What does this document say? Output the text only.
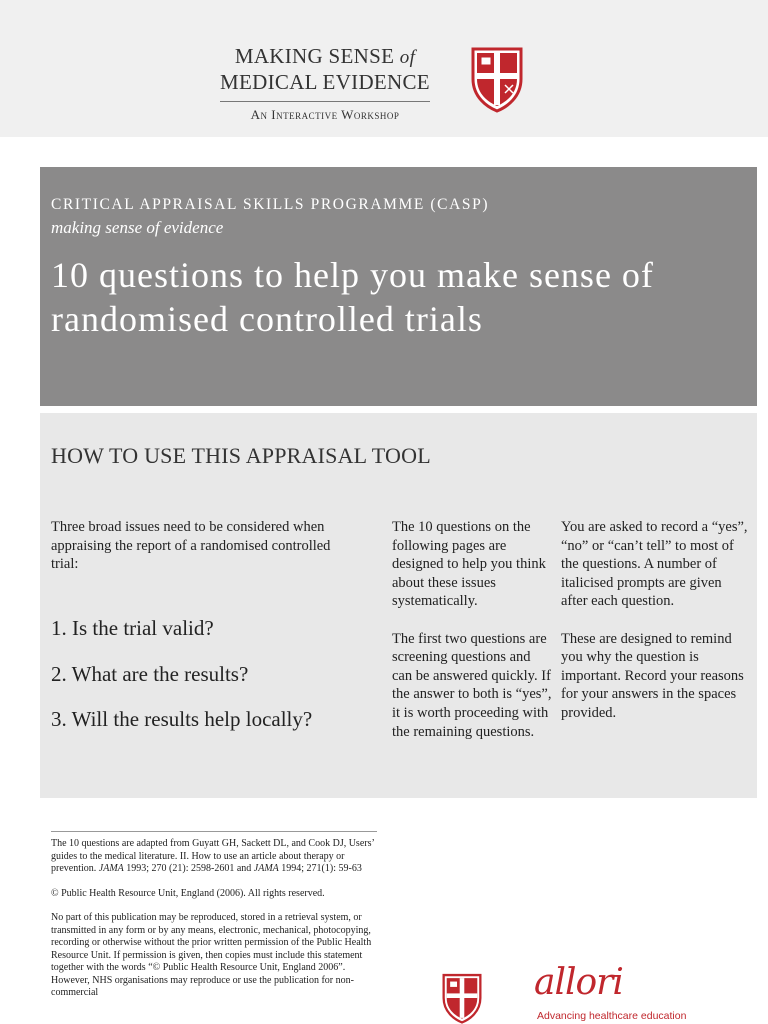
MAKING SENSE of
MEDICAL EVIDENCE
An Interactive Workshop
CRITICAL APPRAISAL SKILLS PROGRAMME (CASP)
making sense of evidence
10 questions to help you make sense of randomised controlled trials
HOW TO USE THIS APPRAISAL TOOL

Three broad issues need to be considered when appraising the report of a randomised controlled trial:

1. Is the trial valid?
2. What are the results?
3. Will the results help locally?

The 10 questions on the following pages are designed to help you think about these issues systematically.

The first two questions are screening questions and can be answered quickly. If the answer to both is “yes”, it is worth proceeding with the remaining questions.

You are asked to record a “yes”, “no” or “can’t tell” to most of the questions. A number of italicised prompts are given after each question.

These are designed to remind you why the question is important. Record your reasons for your answers in the spaces provided.

The 10 questions are adapted from Guyatt GH, Sackett DL, and Cook DJ, Users’ guides to the medical literature. II. How to use an article about therapy or prevention. JAMA 1993; 270 (21): 2598-2601 and JAMA 1994; 271(1): 59-63

© Public Health Resource Unit, England (2006). All rights reserved.

No part of this publication may be reproduced, stored in a retrieval system, or transmitted in any form or by any means, electronic, mechanical, photocopying, recording or otherwise without the prior written permission of the Public Health Resource Unit. If permission is given, then copies must include this statement together with the words “© Public Health Resource Unit, England 2006”. However, NHS organisations may reproduce or use the publication for non-commercial	allori
Advancing healthcare education
